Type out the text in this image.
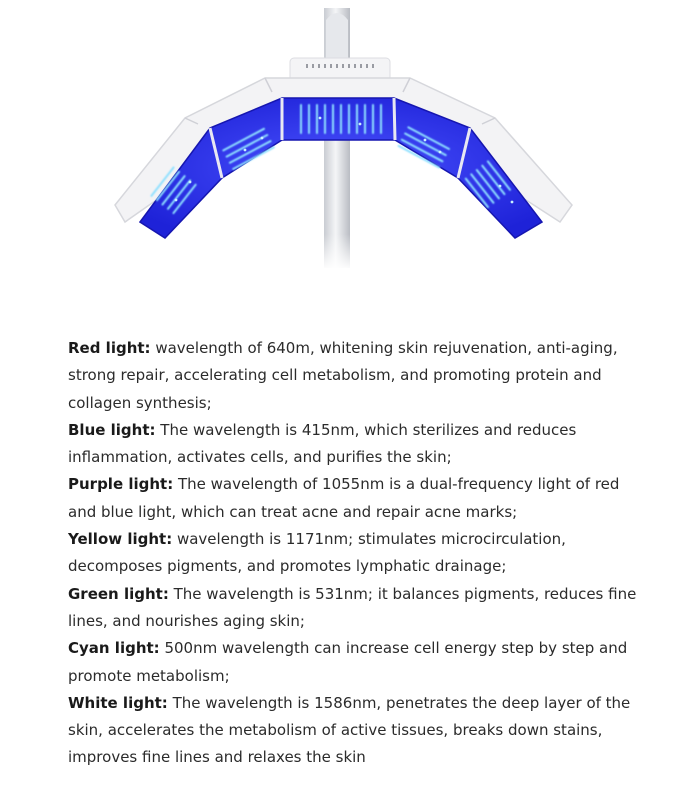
Red light: wavelength of 640m, whitening skin rejuvenation, anti-aging, strong repair, accelerating cell metabolism, and promoting protein and collagen synthesis;

Blue light: The wavelength is 415nm, which sterilizes and reduces inflammation, activates cells, and purifies the skin;

Purple light: The wavelength of 1055nm is a dual-frequency light of red and blue light, which can treat acne and repair acne marks;

Yellow light: wavelength is 1171nm; stimulates microcirculation, decomposes pigments, and promotes lymphatic drainage;

Green light: The wavelength is 531nm; it balances pigments, reduces fine lines, and nourishes aging skin;

Cyan light: 500nm wavelength can increase cell energy step by step and promote metabolism;

White light: The wavelength is 1586nm, penetrates the deep layer of the skin, accelerates the metabolism of active tissues, breaks down stains, improves fine lines and relaxes the skin
